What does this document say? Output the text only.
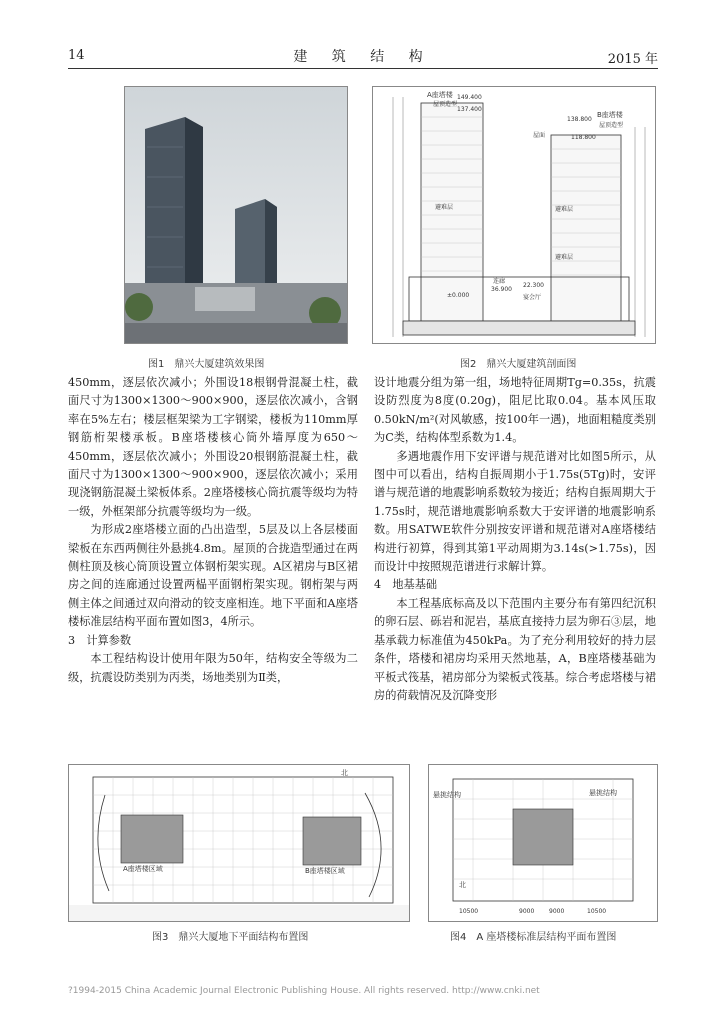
14	建 筑 结 构	2015 年
图1　鼎兴大厦建筑效果图
A座塔楼
屋顶造型
149.400
137.400
138.800
B座塔楼
屋顶造型
屋面	118.800
避难层	避难层
避难层
连廊
36.900
22.300
宴会厅
±0.000
图2　鼎兴大厦建筑剖面图

450mm，逐层依次减小；外围设18根钢骨混凝土柱，截面尺寸为1300×1300～900×900，逐层依次减小，含钢率在5%左右；楼层框架梁为工字钢梁，楼板为110mm厚钢筋桁架楼承板。B座塔楼核心筒外墙厚度为650～450mm，逐层依次减小；外围设20根钢筋混凝土柱，截面尺寸为1300×1300～900×900，逐层依次减小；采用现浇钢筋混凝土梁板体系。2座塔楼核心筒抗震等级均为特一级，外框架部分抗震等级均为一级。

为形成2座塔楼立面的凸出造型，5层及以上各层楼面梁板在东西两侧往外悬挑4.8m。屋顶的合拢造型通过在两侧柱顶及核心筒顶设置立体钢桁架实现。A区裙房与B区裙房之间的连廊通过设置两榀平面钢桁架实现。钢桁架与两侧主体之间通过双向滑动的铰支座相连。地下平面和A座塔楼标准层结构平面布置如图3，4所示。

3  计算参数

本工程结构设计使用年限为50年，结构安全等级为二级，抗震设防类别为丙类，场地类别为Ⅱ类，

设计地震分组为第一组，场地特征周期Tg=0.35s，抗震设防烈度为8度(0.20g)，阻尼比取0.04。基本风压取0.50kN/m²(对风敏感，按100年一遇)，地面粗糙度类别为C类，结构体型系数为1.4。

多遇地震作用下安评谱与规范谱对比如图5所示，从图中可以看出，结构自振周期小于1.75s(5Tg)时，安评谱与规范谱的地震影响系数较为接近；结构自振周期大于1.75s时，规范谱地震影响系数大于安评谱的地震影响系数。用SATWE软件分别按安评谱和规范谱对A座塔楼结构进行初算，得到其第1平动周期为3.14s(>1.75s)，因而设计中按照规范谱进行求解计算。

4  地基基础

本工程基底标高及以下范围内主要分布有第四纪沉积的卵石层、砾岩和泥岩，基底直接持力层为卵石③层，地基承载力标准值为450kPa。为了充分利用较好的持力层条件，塔楼和裙房均采用天然地基，A，B座塔楼基础为平板式筏基，裙房部分为梁板式筏基。综合考虑塔楼与裙房的荷载情况及沉降变形

A座塔楼区域	B座塔楼区域
北
图3　鼎兴大厦地下平面结构布置图
悬挑结构	悬挑结构
北
10500	9000 9000	10500
图4　A 座塔楼标准层结构平面布置图
?1994-2015 China Academic Journal Electronic Publishing House. All rights reserved. http://www.cnki.net
